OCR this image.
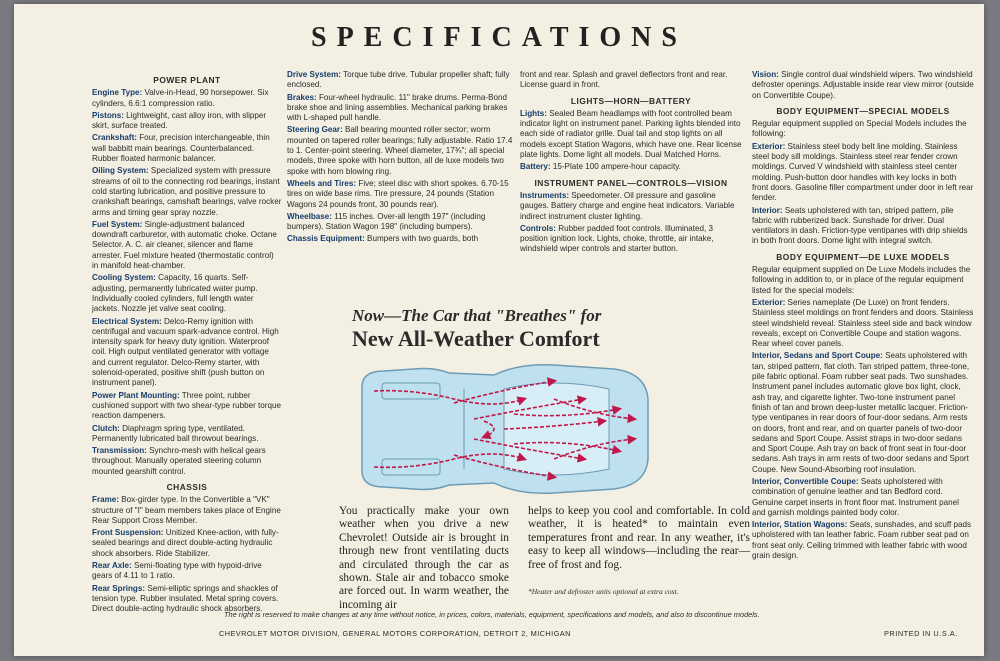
SPECIFICATIONS
POWER PLANT
Engine Type: Valve-in-Head, 90 horsepower. Six cylinders, 6.6:1 compression ratio.
Pistons: Lightweight, cast alloy iron, with slipper skirt, surface treated.
Crankshaft: Four, precision interchangeable, thin wall babbitt main bearings. Counterbalanced. Rubber floated harmonic balancer.
Oiling System: Specialized system with pressure streams of oil to the connecting rod bearings, instant cold starting lubrication, and positive pressure to crankshaft bearings, camshaft bearings, valve rocker arms and timing gear spray nozzle.
Fuel System: Single-adjustment balanced downdraft carburetor, with automatic choke. Octane Selector. A. C. air cleaner, silencer and flame arrester. Fuel mixture heated (thermostatic control) in manifold heat-chamber.
Cooling System: Capacity, 16 quarts. Self-adjusting, permanently lubricated water pump. Individually cooled cylinders, full length water jackets. Nozzle jet valve seat cooling.
Electrical System: Delco-Remy ignition with centrifugal and vacuum spark-advance control. High intensity spark for heavy duty ignition. Waterproof coil. High output ventilated generator with voltage and current regulator. Delco-Remy starter, with solenoid-operated, positive shift (push button on instrument panel).
Power Plant Mounting: Three point, rubber cushioned support with two shear-type rubber torque reaction dampeners.
Clutch: Diaphragm spring type, ventilated. Permanently lubricated ball throwout bearings.
Transmission: Synchro-mesh with helical gears throughout. Manually operated steering column mounted gearshift control.
CHASSIS
Frame: Box-girder type. In the Convertible a "VK" structure of "I" beam members takes place of Engine Rear Support Cross Member.
Front Suspension: Unitized Knee-action, with fully-sealed bearings and direct double-acting hydraulic shock absorbers. Ride Stabilizer.
Rear Axle: Semi-floating type with hypoid-drive gears of 4.11 to 1 ratio.
Rear Springs: Semi-elliptic springs and shackles of tension type. Rubber insulated. Metal spring covers. Direct double-acting hydraulic shock absorbers.
Drive System: Torque tube drive. Tubular propeller shaft; fully enclosed.
Brakes: Four-wheel hydraulic. 11" brake drums. Perma-Bond brake shoe and lining assemblies. Mechanical parking brakes with L-shaped pull handle.
Steering Gear: Ball bearing mounted roller sector; worm mounted on tapered roller bearings; fully adjustable. Ratio 17.4 to 1. Center-point steering. Wheel diameter, 17¾"; all special models, three spoke with horn button, all de luxe models two spoke with horn blowing ring.
Wheels and Tires: Five; steel disc with short spokes. 6.70-15 tires on wide base rims. Tire pressure, 24 pounds (Station Wagons 24 pounds front, 30 pounds rear).
Wheelbase: 115 inches. Over-all length 197" (including bumpers). Station Wagon 198" (including bumpers).
Chassis Equipment: Bumpers with two guards, both
front and rear. Splash and gravel deflectors front and rear. License guard in front.
LIGHTS—HORN—BATTERY
Lights: Sealed Beam headlamps with foot controlled beam indicator light on instrument panel. Parking lights blended into each side of radiator grille. Dual tail and stop lights on all models except Station Wagons, which have one. Rear license plate lights. Dome light all models. Dual Matched Horns.
Battery: 15-Plate 100 ampere-hour capacity.
INSTRUMENT PANEL—CONTROLS—VISION
Instruments: Speedometer. Oil pressure and gasoline gauges. Battery charge and engine heat indicators. Variable indirect instrument cluster lighting.
Controls: Rubber padded foot controls. Illuminated, 3 position ignition lock. Lights, choke, throttle, air intake, windshield wiper controls and starter button.
Vision: Single control dual windshield wipers. Two windshield defroster openings. Adjustable inside rear view mirror (outside on Convertible Coupe).
BODY EQUIPMENT—SPECIAL MODELS
Regular equipment supplied on Special Models includes the following:
Exterior: Stainless steel body belt line molding. Stainless steel body sill moldings. Stainless steel rear fender crown moldings. Curved V windshield with stainless steel center molding. Push-button door handles with key locks in both front doors. Gasoline filler compartment under door in left rear fender.
Interior: Seats upholstered with tan, striped pattern, pile fabric with rubberized back. Sunshade for driver. Dual ventilators in dash. Friction-type ventipanes with drip shields in both front doors. Dome light with integral switch.
BODY EQUIPMENT—DE LUXE MODELS
Regular equipment supplied on De Luxe Models includes the following in addition to, or in place of the regular equipment listed for the special models:
Exterior: Series nameplate (De Luxe) on front fenders. Stainless steel moldings on front fenders and doors. Stainless steel windshield reveal. Stainless steel side and back window reveals, except on Convertible Coupe and station wagons. Rear wheel cover panels.
Interior, Sedans and Sport Coupe: Seats upholstered with tan, striped pattern, flat cloth. Tan striped pattern, three-tone, pile fabric optional. Foam rubber seat pads. Two sunshades. Instrument panel includes automatic glove box light, clock, ash tray, and cigarette lighter. Two-tone instrument panel finish of tan and brown deep-luster metallic lacquer. Friction-type ventipanes in rear doors of four-door sedans. Arm rests on doors, front and rear, and on quarter panels of two-door sedans and Sport Coupe. Assist straps in two-door sedans and Sport Coupe. Ash tray on back of front seat in four-door sedans. Ash trays in arm rests of two-door sedans and Sport Coupe. New Sound-Absorbing roof insulation.
Interior, Convertible Coupe: Seats upholstered with combination of genuine leather and tan Bedford cord. Genuine carpet inserts in front floor mat. Instrument panel and garnish moldings painted body color.
Interior, Station Wagons: Seats, sunshades, and scuff pads upholstered with tan leather fabric. Foam rubber seat pad on front seat only. Ceiling trimmed with leather fabric with wood grain design.
Now—The Car that "Breathes" for
New All-Weather Comfort
You practically make your own weather when you drive a new Chevrolet! Outside air is brought in through new front ventilating ducts and circulated through the car as shown. Stale air and tobacco smoke are forced out. In warm weather, the incoming air
helps to keep you cool and comfortable. In cold weather, it is heated* to maintain even temperatures front and rear. In any weather, it's easy to keep all windows—including the rear—free of frost and fog.
*Heater and defroster units optional at extra cost.
The right is reserved to make changes at any time without notice, in prices, colors, materials, equipment, specifications and models, and also to discontinue models.
CHEVROLET MOTOR DIVISION, GENERAL MOTORS CORPORATION, DETROIT 2, MICHIGAN	PRINTED IN U.S.A.
